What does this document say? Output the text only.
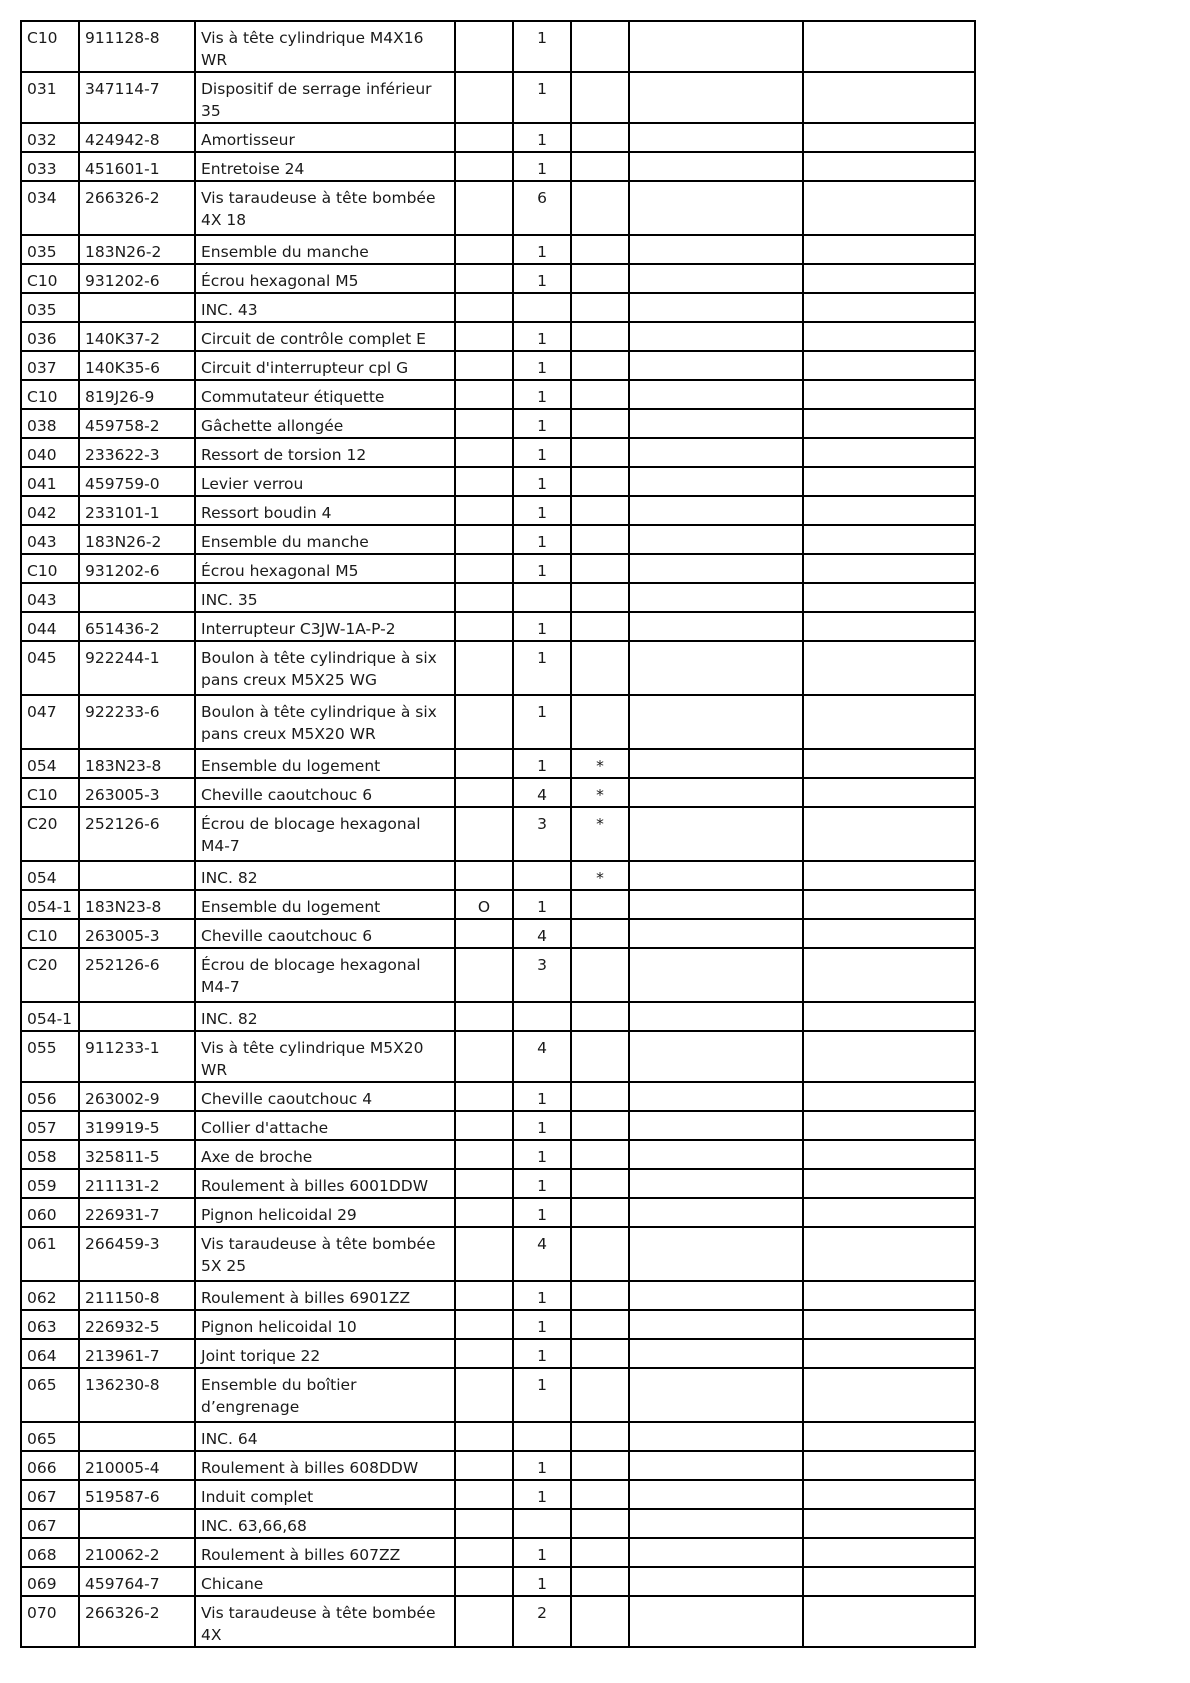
C10	911128-8	Vis à tête cylindrique M4X16 WR		1			
031	347114-7	Dispositif de serrage inférieur 35		1			
032	424942-8	Amortisseur		1			
033	451601-1	Entretoise 24		1			
034	266326-2	Vis taraudeuse à tête bombée 4X 18		6			
035	183N26-2	Ensemble du manche		1			
C10	931202-6	Écrou hexagonal M5		1			
035		INC. 43					
036	140K37-2	Circuit de contrôle complet E		1			
037	140K35-6	Circuit d'interrupteur cpl G		1			
C10	819J26-9	Commutateur étiquette		1			
038	459758-2	Gâchette allongée		1			
040	233622-3	Ressort de torsion 12		1			
041	459759-0	Levier verrou		1			
042	233101-1	Ressort boudin 4		1			
043	183N26-2	Ensemble du manche		1			
C10	931202-6	Écrou hexagonal M5		1			
043		INC. 35					
044	651436-2	Interrupteur C3JW-1A-P-2		1			
045	922244-1	Boulon à tête cylindrique à six pans creux M5X25 WG		1			
047	922233-6	Boulon à tête cylindrique à six pans creux M5X20 WR		1			
054	183N23-8	Ensemble du logement		1	*		
C10	263005-3	Cheville caoutchouc 6		4	*		
C20	252126-6	Écrou de blocage hexagonal M4-7		3	*		
054		INC. 82			*		
054-1	183N23-8	Ensemble du logement	O	1			
C10	263005-3	Cheville caoutchouc 6		4			
C20	252126-6	Écrou de blocage hexagonal M4-7		3			
054-1		INC. 82					
055	911233-1	Vis à tête cylindrique M5X20 WR		4			
056	263002-9	Cheville caoutchouc 4		1			
057	319919-5	Collier d'attache		1			
058	325811-5	Axe de broche		1			
059	211131-2	Roulement à billes 6001DDW		1			
060	226931-7	Pignon helicoidal 29		1			
061	266459-3	Vis taraudeuse à tête bombée 5X 25		4			
062	211150-8	Roulement à billes 6901ZZ		1			
063	226932-5	Pignon helicoidal 10		1			
064	213961-7	Joint torique 22		1			
065	136230-8	Ensemble du boîtier d’engrenage		1			
065		INC. 64					
066	210005-4	Roulement à billes 608DDW		1			
067	519587-6	Induit complet		1			
067		INC. 63,66,68					
068	210062-2	Roulement à billes 607ZZ		1			
069	459764-7	Chicane		1			
070	266326-2	Vis taraudeuse à tête bombée 4X		2			
